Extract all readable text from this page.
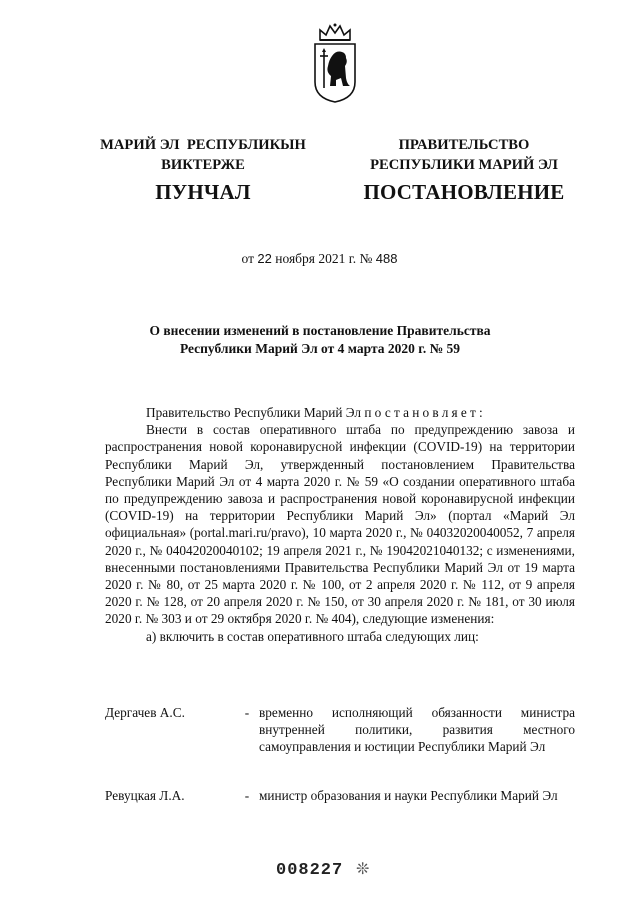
МАРИЙ ЭЛ  РЕСПУБЛИКЫН
ВИКТЕРЖЕ
ПУНЧАЛ
ПРАВИТЕЛЬСТВО
РЕСПУБЛИКИ МАРИЙ ЭЛ
ПОСТАНОВЛЕНИЕ
от 22 ноября 2021 г. № 488
О внесении изменений в постановление Правительства
Республики Марий Эл от 4 марта 2020 г. № 59

Правительство Республики Марий Эл постановляет:

Внести в состав оперативного штаба по предупреждению завоза и распространения новой коронавирусной инфекции (COVID-19) на территории Республики Марий Эл, утвержденный постановлением Правительства Республики Марий Эл от 4 марта 2020 г. № 59 «О создании оперативного штаба по предупреждению завоза и распространения новой коронавирусной инфекции (COVID-19) на территории Республики Марий Эл» (портал «Марий Эл официальная» (portal.mari.ru/pravo), 10 марта 2020 г., № 04032020040052, 7 апреля 2020 г., № 04042020040102; 19 апреля 2021 г., № 19042021040132; с изменениями, внесенными постановлениями Правительства Республики Марий Эл от 19 марта 2020 г. № 80, от 25 марта 2020 г. № 100, от 2 апреля 2020 г. № 112, от 9 апреля 2020 г. № 128, от 20 апреля 2020 г. № 150, от 30 апреля 2020 г. № 181, от 30 июля 2020 г. № 303 и от 29 октября 2020 г. № 404), следующие изменения:

а) включить в состав оперативного штаба следующих лиц:

Дергачев А.С.	- временно исполняющий обязанности министра внутренней политики, развития местного самоуправления и юстиции Республики Марий Эл
Ревуцкая Л.А.	- министр образования и науки Республики Марий Эл
008227 ❊
